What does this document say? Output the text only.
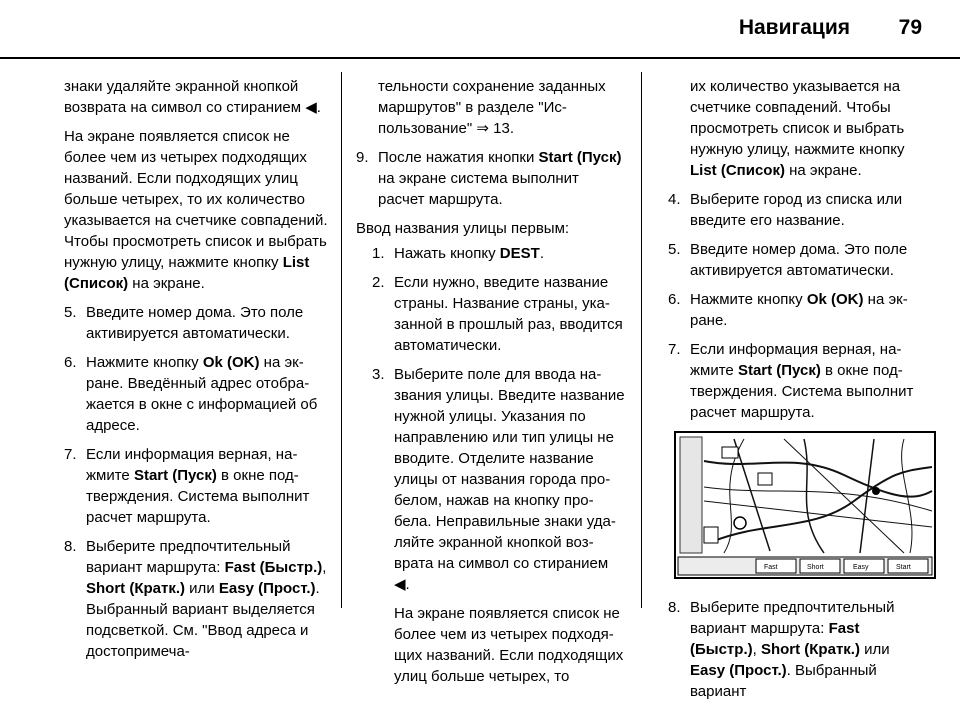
Навигация 79

знаки удаляйте экранной кнопкой возврата на символ со стиранием ◀.

На экране появляется список не более чем из четырех подходящих названий. Если подходящих улиц больше четырех, то их количество указывается на счетчике совпадений. Чтобы просмотреть список и выбрать нужную улицу, нажмите кнопку List (Список) на экране.

5. Введите номер дома. Это поле активируется автоматически.
6. Нажмите кнопку Ok (OK) на экране. Введённый адрес отображается в окне с информацией об адресе.
7. Если информация верная, нажмите Start (Пуск) в окне подтверждения. Система выполнит расчет маршрута.
8. Выберите предпочтительный вариант маршрута: Fast (Быстр.), Short (Кратк.) или Easy (Прост.). Выбранный вариант выделяется подсветкой. См. "Ввод адреса и достопримеча-

тельности сохранение заданных маршрутов" в разделе "Использование" ⇒ 13.

9. После нажатия кнопки Start (Пуск) на экране система выполнит расчет маршрута.

Ввод названия улицы первым:

1. Нажать кнопку DEST.
2. Если нужно, введите название страны. Название страны, указанной в прошлый раз, вводится автоматически.
3. Выберите поле для ввода названия улицы. Введите название нужной улицы. Указания по направлению или тип улицы не вводите. Отделите название улицы от названия города пробелом, нажав на кнопку пробела. Неправильные знаки удаляйте экранной кнопкой возврата на символ со стиранием ◀.

На экране появляется список не более чем из четырех подходящих названий. Если подходящих улиц больше четырех, то

их количество указывается на счетчике совпадений. Чтобы просмотреть список и выбрать нужную улицу, нажмите кнопку List (Список) на экране.

4. Выберите город из списка или введите его название.
5. Введите номер дома. Это поле активируется автоматически.
6. Нажмите кнопку Ok (OK) на экране.
7. Если информация верная, нажмите Start (Пуск) в окне подтверждения. Система выполнит расчет маршрута.
Fast	Short	Easy	Start
8. Выберите предпочтительный вариант маршрута: Fast (Быстр.), Short (Кратк.) или Easy (Прост.). Выбранный вариант
